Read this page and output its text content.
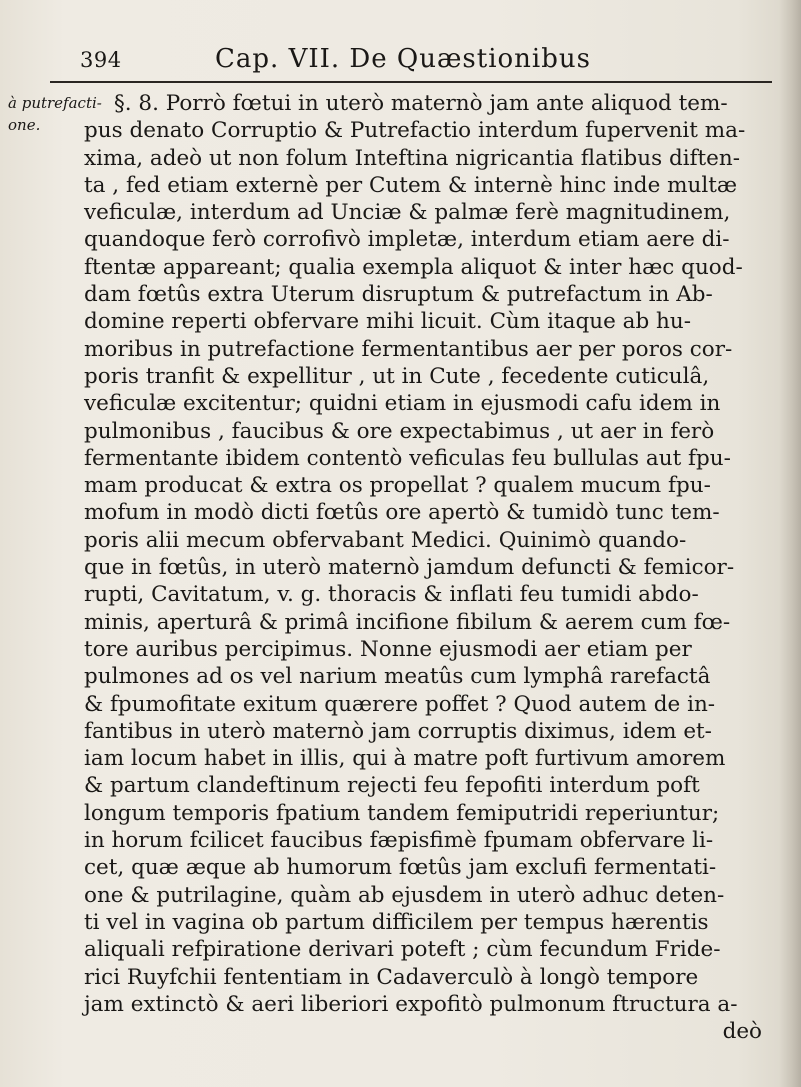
394	Cap. VII. De Quæstionibus
à putrefacti-
one.
§. 8. Porrò fœtui in uterò maternò jam ante aliquod tem-
pus denato Corruptio & Putrefactio interdum fupervenit ma-
xima, adeò ut non folum Inteftina nigricantia flatibus diften-
ta , fed etiam externè per Cutem & internè hinc inde multæ
veficulæ, interdum ad Unciæ & palmæ ferè magnitudinem,
quandoque ferò corrofivò impletæ, interdum etiam aere di-
ftentæ appareant; qualia exempla aliquot & inter hæc quod-
dam fœtûs extra Uterum disruptum & putrefactum in Ab-
domine reperti obfervare mihi licuit. Cùm itaque ab hu-
moribus in putrefactione fermentantibus aer per poros cor-
poris tranfit & expellitur , ut in Cute , fecedente cuticulâ,
veficulæ excitentur; quidni etiam in ejusmodi cafu idem in
pulmonibus , faucibus & ore expectabimus , ut aer in ferò
fermentante ibidem contentò veficulas feu bullulas aut fpu-
mam producat & extra os propellat ? qualem mucum fpu-
mofum in modò dicti fœtûs ore apertò & tumidò tunc tem-
poris alii mecum obfervabant Medici. Quinimò quando-
que in fœtûs, in uterò maternò jamdum defuncti & femicor-
rupti, Cavitatum, v. g. thoracis & inflati feu tumidi abdo-
minis, aperturâ & primâ incifione fibilum & aerem cum fœ-
tore auribus percipimus. Nonne ejusmodi aer etiam per
pulmones ad os vel narium meatûs cum lymphâ rarefactâ
& fpumofitate exitum quærere poffet ? Quod autem de in-
fantibus in uterò maternò jam corruptis diximus, idem et-
iam locum habet in illis, qui à matre poft furtivum amorem
& partum clandeftinum rejecti feu fepofiti interdum poft
longum temporis fpatium tandem femiputridi reperiuntur;
in horum fcilicet faucibus fæpisfimè fpumam obfervare li-
cet, quæ æque ab humorum fœtûs jam exclufi fermentati-
one & putrilagine, quàm ab ejusdem in uterò adhuc deten-
ti vel in vagina ob partum difficilem per tempus hærentis
aliquali refpiratione derivari poteft ; cùm fecundum Fride-
rici Ruyfchii fententiam in Cadaverculò à longò tempore
jam extinctò & aeri liberiori expofitò pulmonum ftructura a-
deò
